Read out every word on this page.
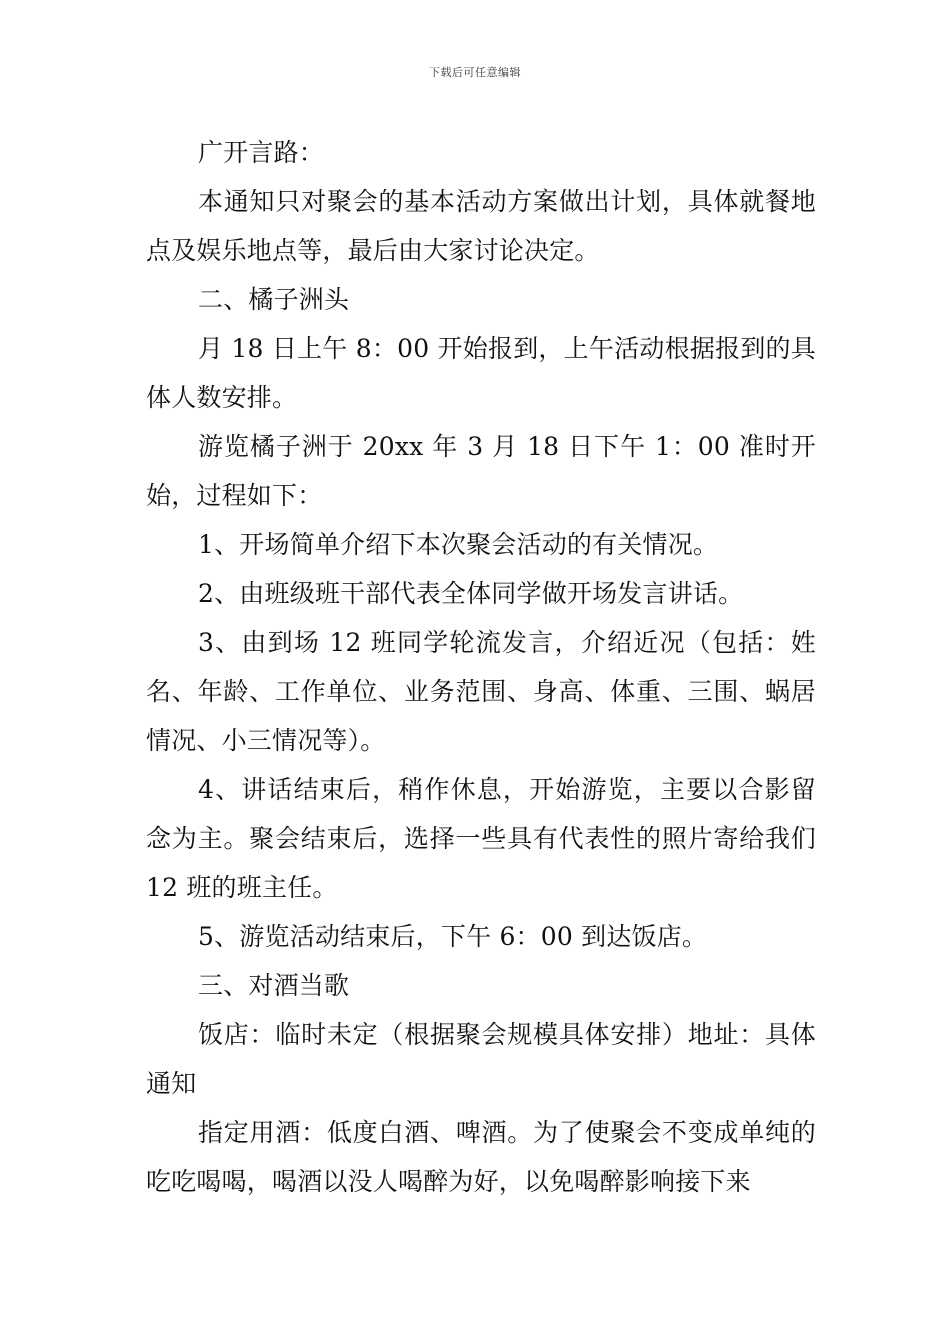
下载后可任意编辑

广开言路：

本通知只对聚会的基本活动方案做出计划，具体就餐地点及娱乐地点等，最后由大家讨论决定。

二、橘子洲头

月 18 日上午 8：00 开始报到，上午活动根据报到的具体人数安排。

游览橘子洲于 20xx 年 3 月 18 日下午 1：00 准时开始，过程如下：

1、开场简单介绍下本次聚会活动的有关情况。

2、由班级班干部代表全体同学做开场发言讲话。

3、由到场 12 班同学轮流发言，介绍近况（包括：姓名、年龄、工作单位、业务范围、身高、体重、三围、蜗居情况、小三情况等）。

4、讲话结束后，稍作休息，开始游览，主要以合影留念为主。聚会结束后，选择一些具有代表性的照片寄给我们 12 班的班主任。

5、游览活动结束后，下午 6：00 到达饭店。

三、对酒当歌

饭店：临时未定（根据聚会规模具体安排）地址：具体通知

指定用酒：低度白酒、啤酒。为了使聚会不变成单纯的吃吃喝喝，喝酒以没人喝醉为好，以免喝醉影响接下来
